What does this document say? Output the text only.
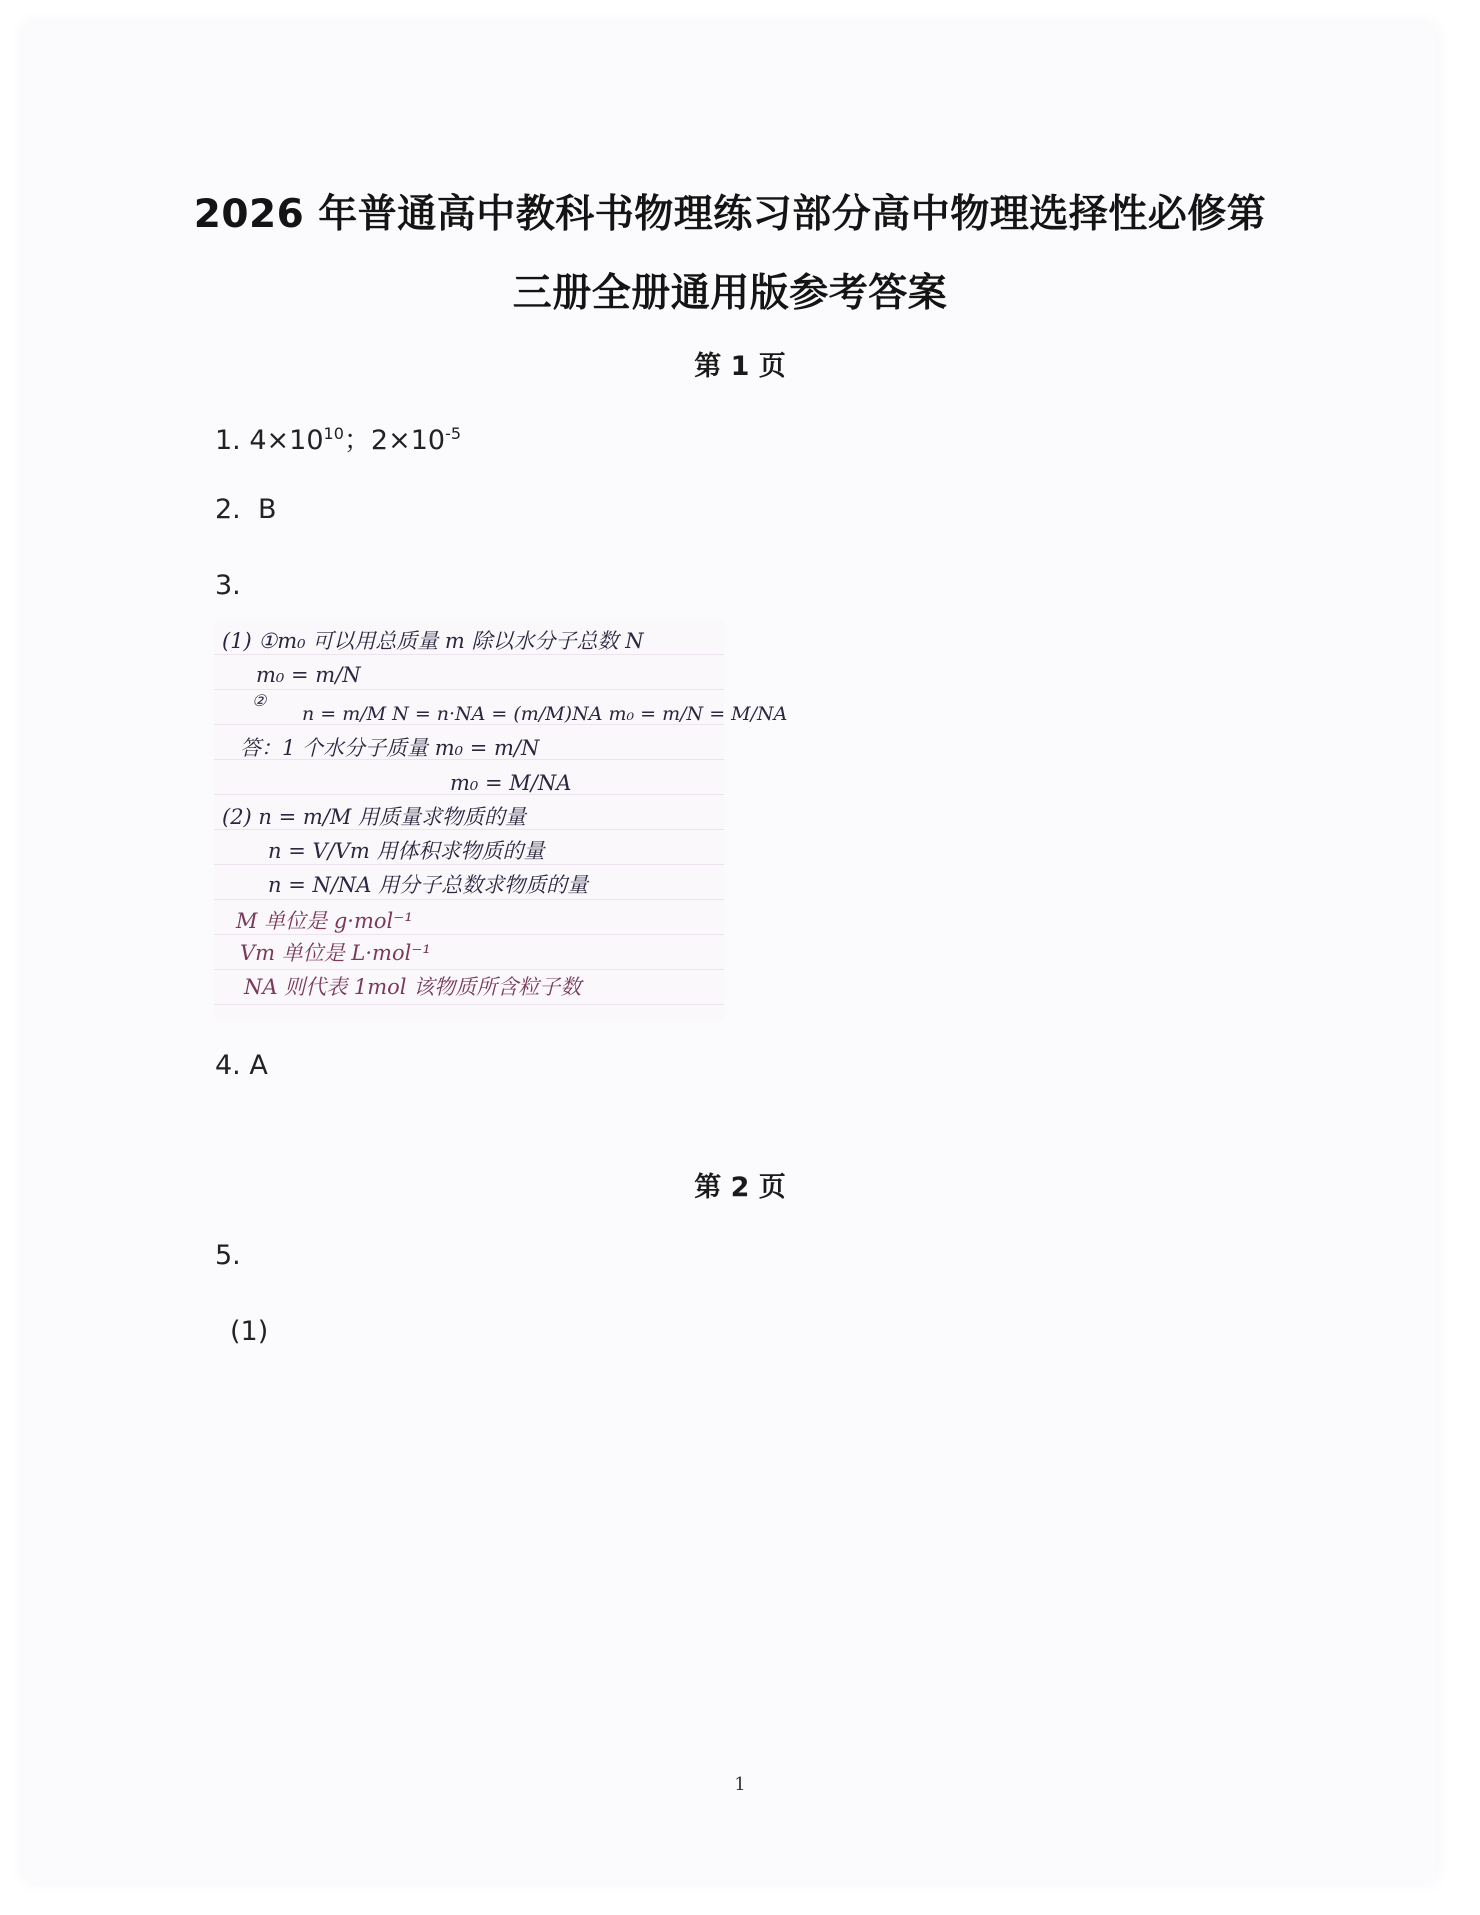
2026 年普通高中教科书物理练习部分高中物理选择性必修第
三册全册通用版参考答案
第 1 页
1. $4\times 10^{10}$；$2\times 10^{-5}$
2. B
3.
(1) ①m₀ 可以用总质量 m 除以水分子总数 N
m₀ = m/N
②
n = m/M N = n·NA = (m/M)NA m₀ = m/N = M/NA
答：1 个水分子质量 m₀ = m/N
m₀ = M/NA
(2) n = m/M 用质量求物质的量
n = V/Vm 用体积求物质的量
n = N/NA 用分子总数求物质的量
M 单位是 g·mol⁻¹
Vm 单位是 L·mol⁻¹
NA 则代表 1mol 该物质所含粒子数
4. A
第 2 页
5.
(1)
1
